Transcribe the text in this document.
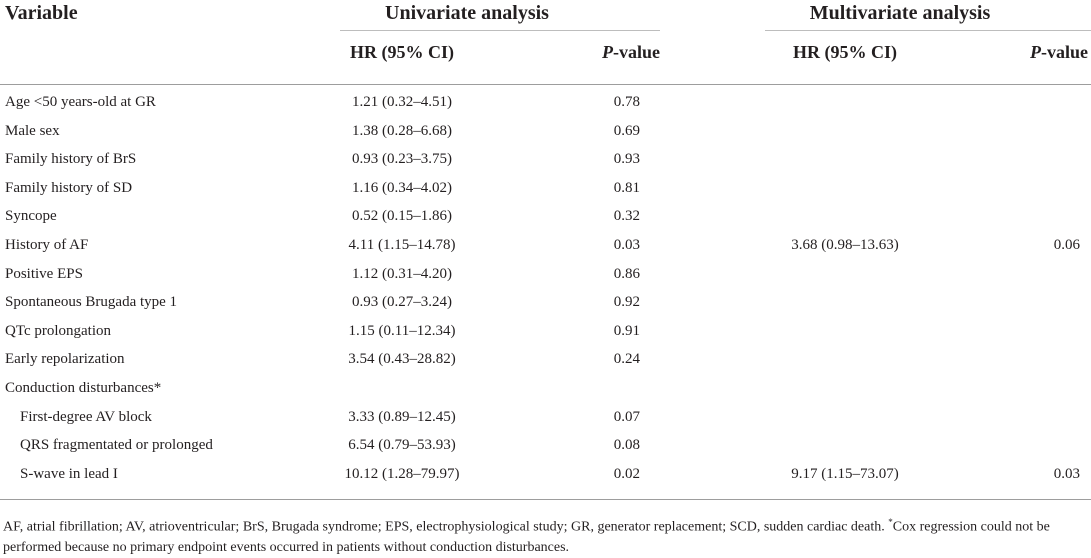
Variable	Univariate analysis	Multivariate analysis
HR (95% CI)	P-value	HR (95% CI)	P-value
Age <50 years-old at GR	1.21 (0.32–4.51)	0.78
Male sex	1.38 (0.28–6.68)	0.69
Family history of BrS	0.93 (0.23–3.75)	0.93
Family history of SD	1.16 (0.34–4.02)	0.81
Syncope	0.52 (0.15–1.86)	0.32
History of AF	4.11 (1.15–14.78)	0.03	3.68 (0.98–13.63)	0.06
Positive EPS	1.12 (0.31–4.20)	0.86
Spontaneous Brugada type 1	0.93 (0.27–3.24)	0.92
QTc prolongation	1.15 (0.11–12.34)	0.91
Early repolarization	3.54 (0.43–28.82)	0.24
Conduction disturbances*
First-degree AV block	3.33 (0.89–12.45)	0.07
QRS fragmentated or prolonged	6.54 (0.79–53.93)	0.08
S-wave in lead I	10.12 (1.28–79.97)	0.02	9.17 (1.15–73.07)	0.03
AF, atrial fibrillation; AV, atrioventricular; BrS, Brugada syndrome; EPS, electrophysiological study; GR, generator replacement; SCD, sudden cardiac death. *Cox regression could not be performed because no primary endpoint events occurred in patients without conduction disturbances.
